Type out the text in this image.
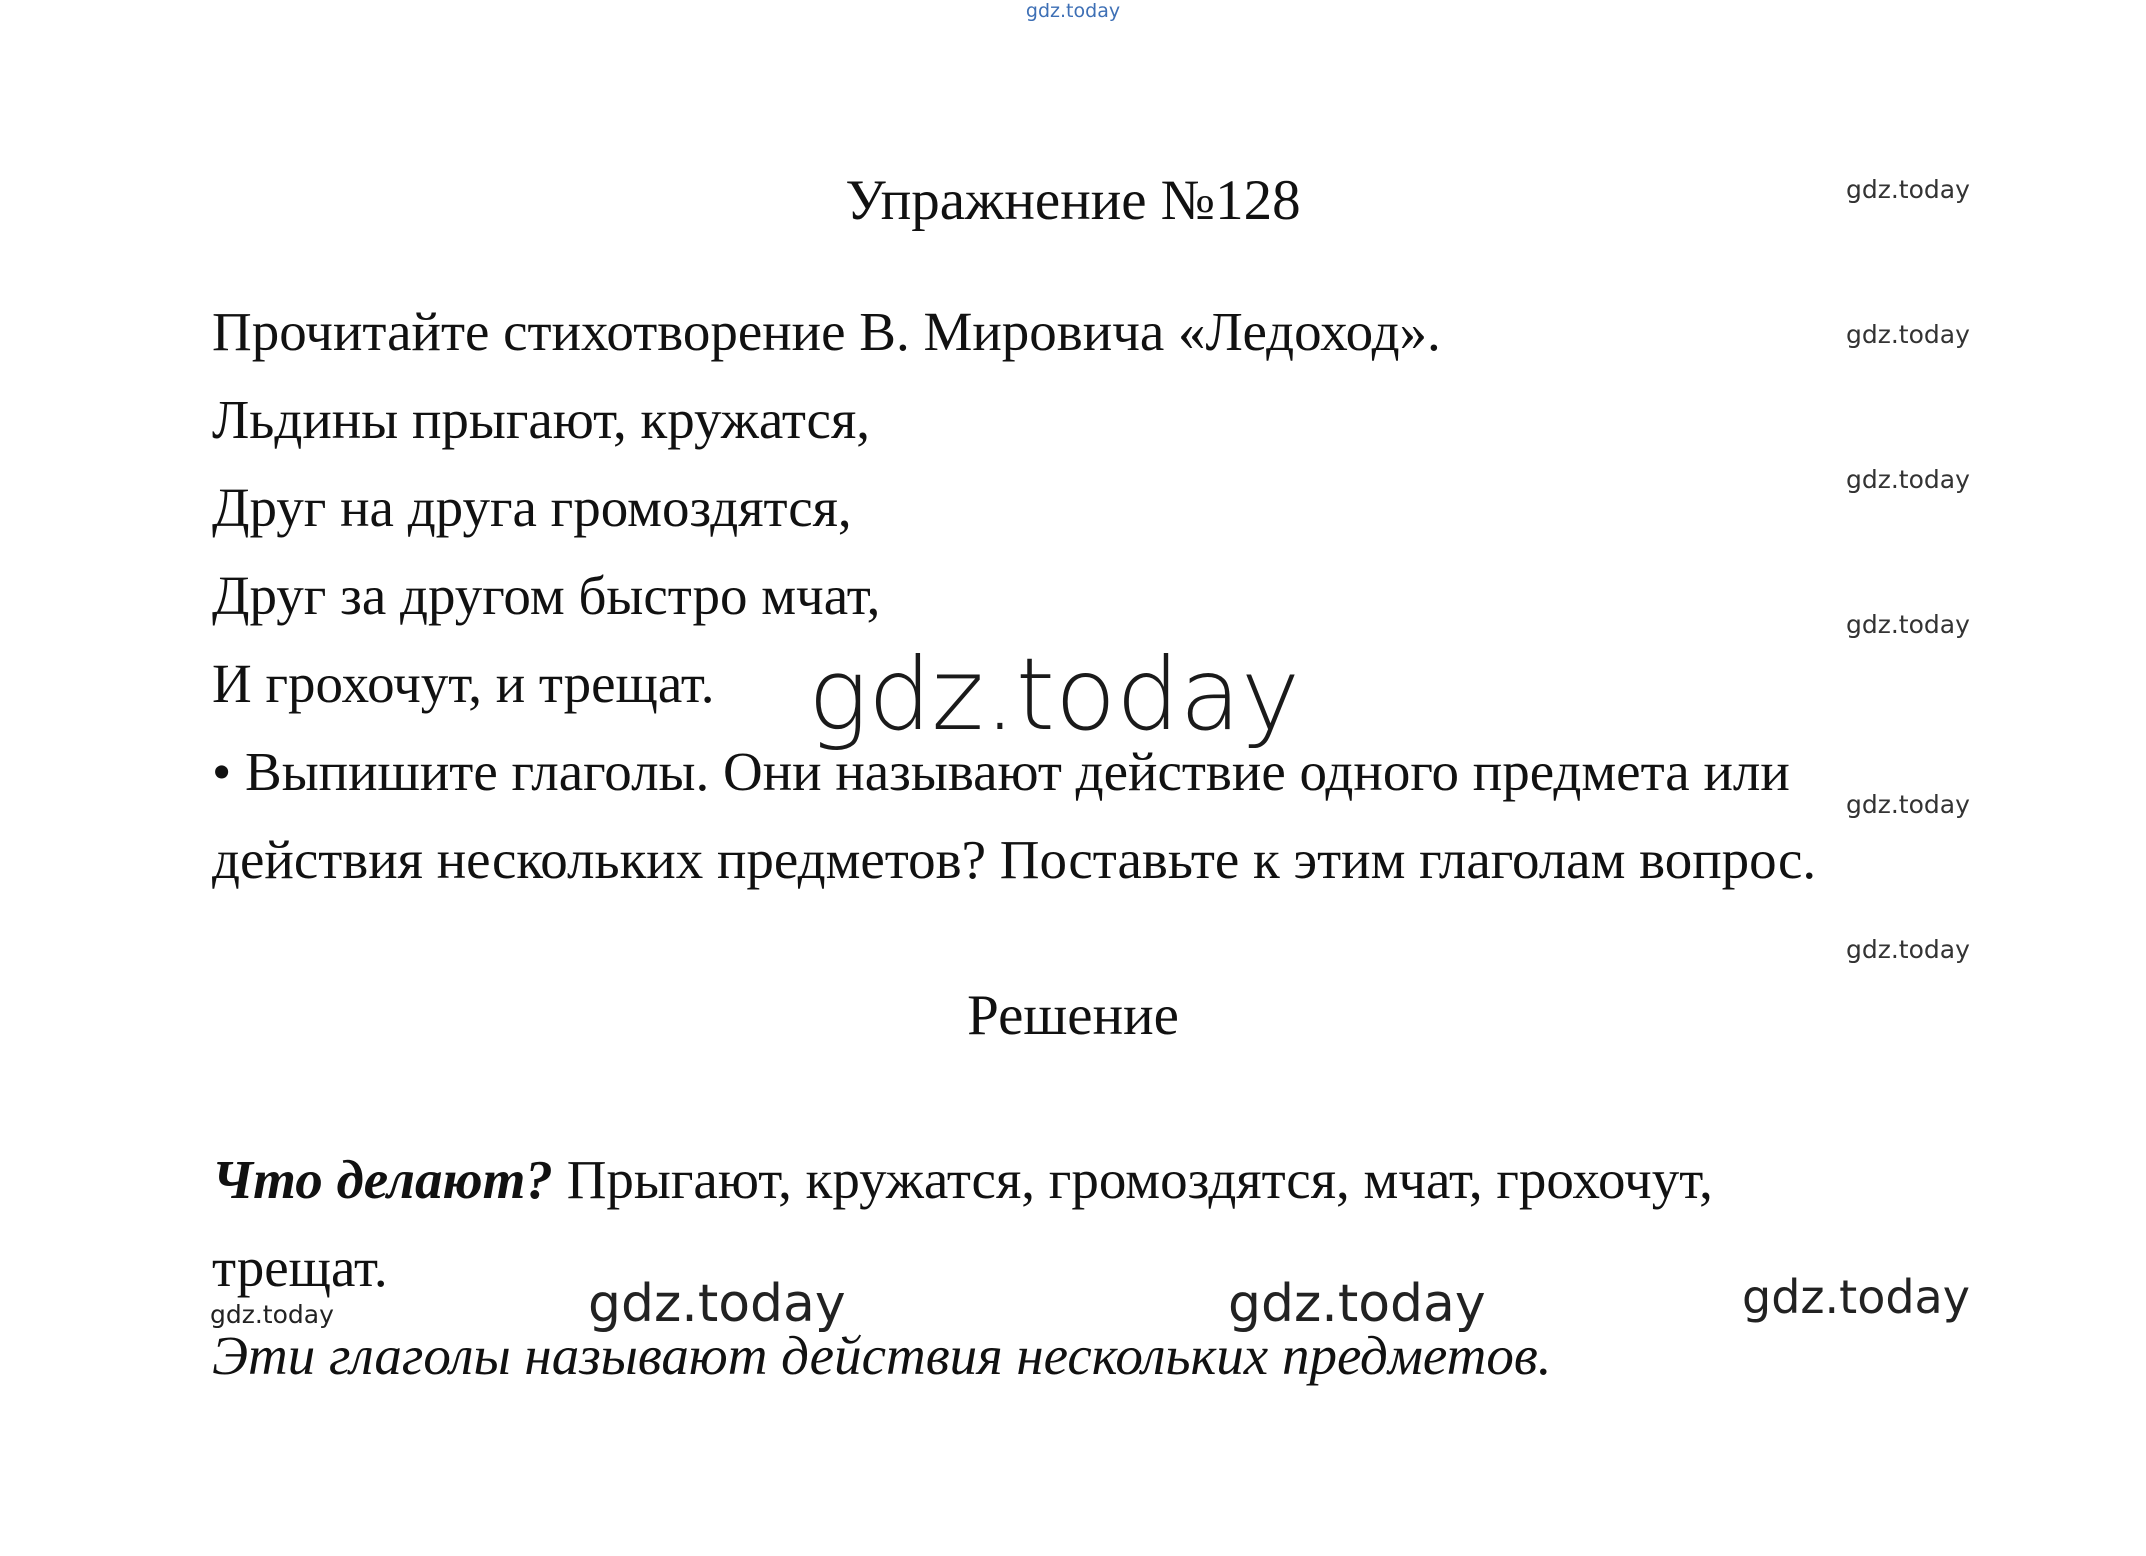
gdz.today
gdz.today
gdz.today
gdz.today
gdz.today
gdz.today
gdz.today
Упражнение №128
Прочитайте стихотворение В. Мировича «Ледоход».
Льдины прыгают, кружатся,
Друг на друга громоздятся,
Друг за другом быстро мчат,
И грохочут, и трещат. gdz.today
• Выпишите глаголы. Они называют действие одного предмета или
действия нескольких предметов? Поставьте к этим глаголам вопрос.
Решение
Что делают? Прыгают, кружатся, громоздятся, мчат, грохочут,
трещат.
gdz.today	gdz.today	gdz.today	gdz.today
Эти глаголы называют действия нескольких предметов.
